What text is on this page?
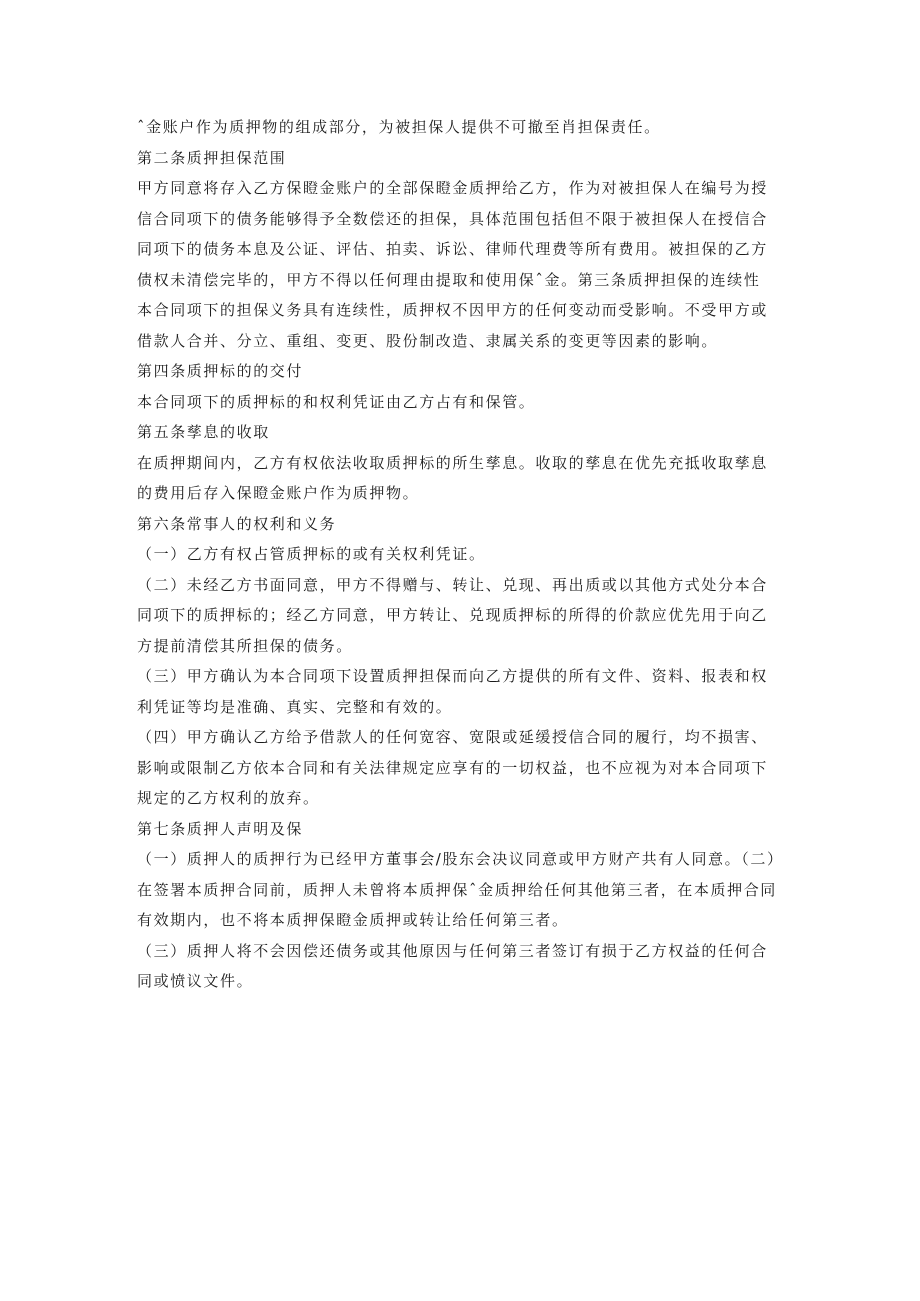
ˆ金账户作为质押物的组成部分，为被担保人提供不可撤至肖担保责任。
第二条质押担保范围
甲方同意将存入乙方保瞪金账户的全部保瞪金质押给乙方，作为对被担保人在编号为授
信合同项下的债务能够得予全数偿还的担保，具体范围包括但不限于被担保人在授信合
同项下的债务本息及公证、评估、拍卖、诉讼、律师代理费等所有费用。被担保的乙方
债权未清偿完毕的，甲方不得以任何理由提取和使用保ˆ金。第三条质押担保的连续性
本合同项下的担保义务具有连续性，质押权不因甲方的任何变动而受影响。不受甲方或
借款人合并、分立、重组、变更、股份制改造、隶属关系的变更等因素的影响。
第四条质押标的的交付
本合同项下的质押标的和权利凭证由乙方占有和保管。
第五条孳息的收取
在质押期间内，乙方有权依法收取质押标的所生孳息。收取的孳息在优先充抵收取孳息
的费用后存入保瞪金账户作为质押物。
第六条常事人的权利和义务
（一）乙方有权占管质押标的或有关权利凭证。
（二）未经乙方书面同意，甲方不得赠与、转让、兑现、再出质或以其他方式处分本合
同项下的质押标的；经乙方同意，甲方转让、兑现质押标的所得的价款应优先用于向乙
方提前清偿其所担保的债务。
（三）甲方确认为本合同项下设置质押担保而向乙方提供的所有文件、资料、报表和权
利凭证等均是准确、真实、完整和有效的。
（四）甲方确认乙方给予借款人的任何宽容、宽限或延缓授信合同的履行，均不损害、
影响或限制乙方依本合同和有关法律规定应享有的一切权益，也不应视为对本合同项下
规定的乙方权利的放弃。
第七条质押人声明及保
（一）质押人的质押行为已经甲方董事会/股东会决议同意或甲方财产共有人同意。（二）
在签署本质押合同前，质押人未曾将本质押保ˆ金质押给任何其他第三者，在本质押合同
有效期内，也不将本质押保瞪金质押或转让给任何第三者。
（三）质押人将不会因偿还债务或其他原因与任何第三者签订有损于乙方权益的任何合
同或愤议文件。
